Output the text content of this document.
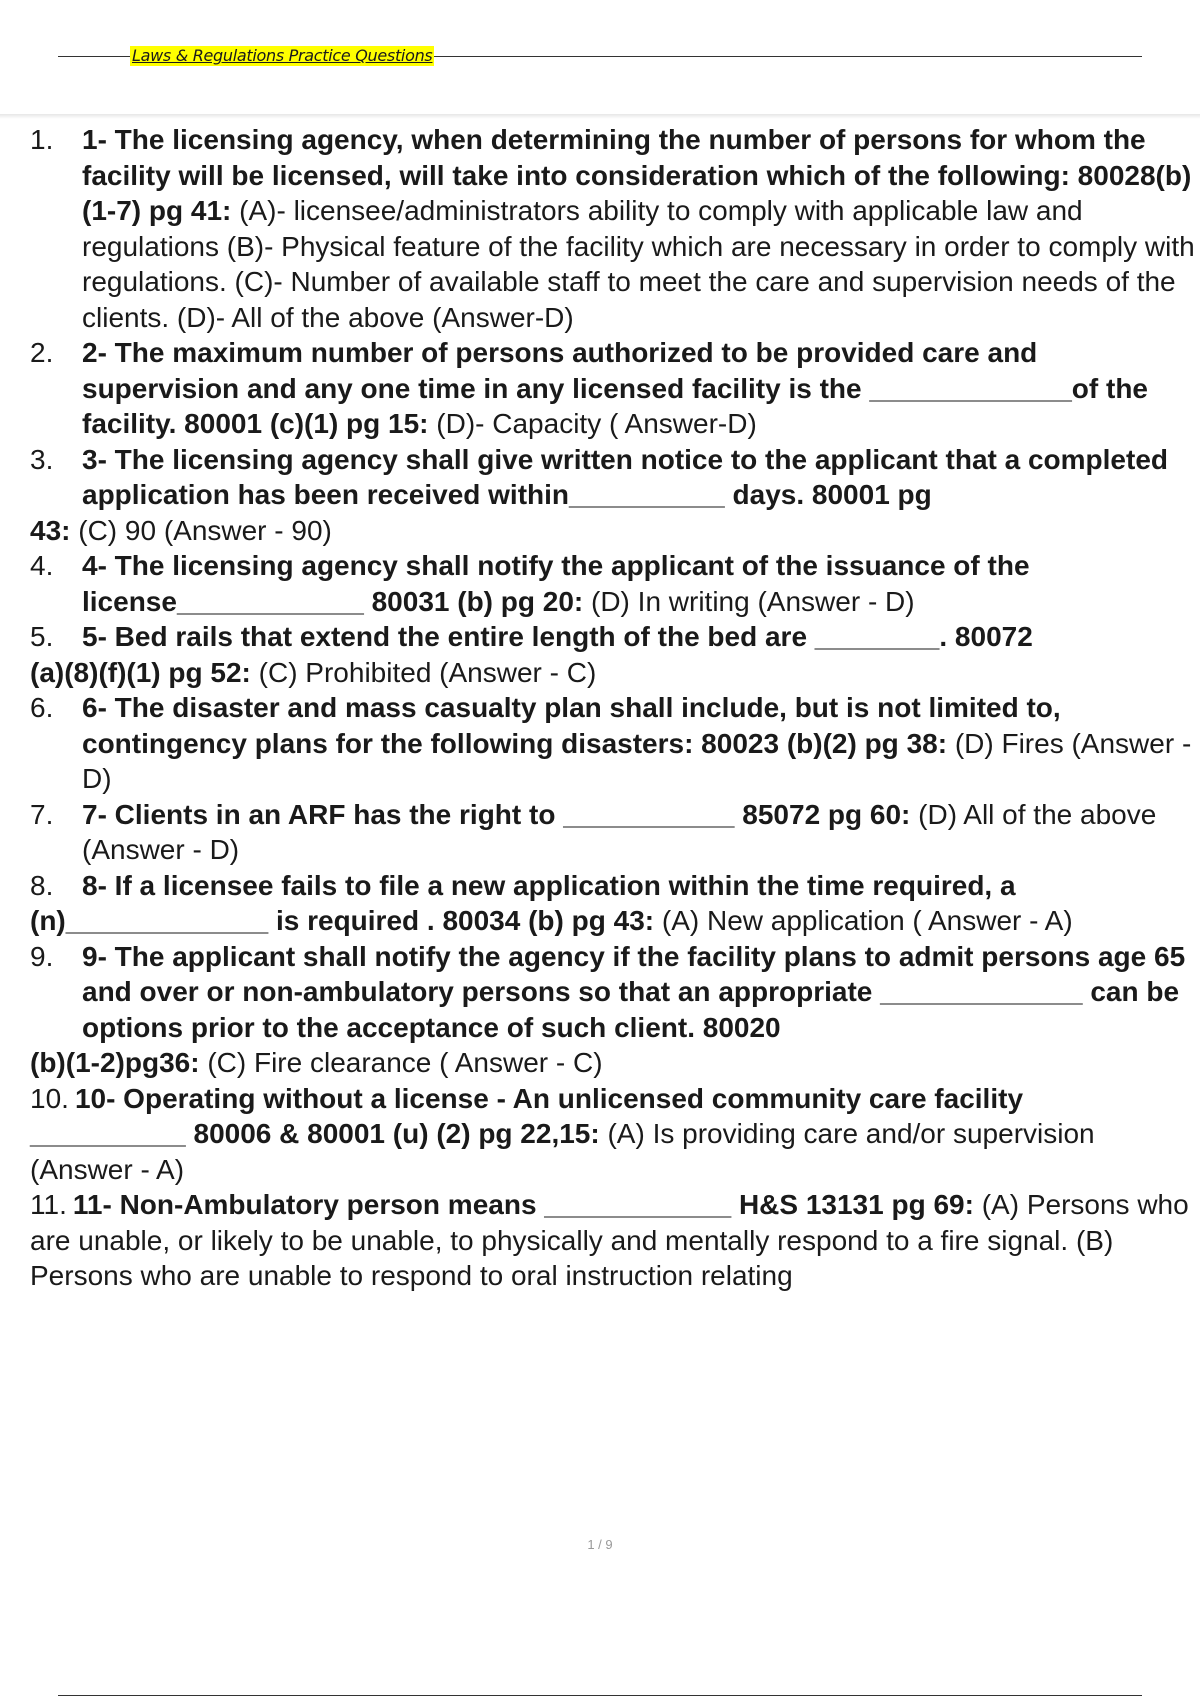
Laws & Regulations Practice Questions

1. 1- The licensing agency, when determining the number of persons for whom the facility will be licensed, will take into consideration which of the following: 80028(b)(1-7) pg 41: (A)- licensee/administrators ability to comply with applicable law and regulations (B)- Physical feature of the facility which are necessary in order to comply with regulations. (C)- Number of available staff to meet the care and supervision needs of the clients. (D)- All of the above (Answer-D)

2. 2- The maximum number of persons authorized to be provided care and supervision and any one time in any licensed facility is the _____________of the facility. 80001 (c)(1) pg 15: (D)- Capacity ( Answer-D)

3. 3- The licensing agency shall give written notice to the applicant that a completed application has been received within__________ days. 80001 pg
43: (C) 90 (Answer - 90)

4. 4- The licensing agency shall notify the applicant of the issuance of the license____________ 80031 (b) pg 20: (D) In writing (Answer - D)

5. 5- Bed rails that extend the entire length of the bed are ________. 80072
(a)(8)(f)(1) pg 52: (C) Prohibited (Answer - C)

6. 6- The disaster and mass casualty plan shall include, but is not limited to, contingency plans for the following disasters: 80023 (b)(2) pg 38: (D) Fires (Answer - D)

7. 7- Clients in an ARF has the right to ___________ 85072 pg 60: (D) All of the above (Answer - D)

8. 8- If a licensee fails to file a new application within the time required, a
(n)_____________ is required . 80034 (b) pg 43: (A) New application ( Answer - A)

9. 9- The applicant shall notify the agency if the facility plans to admit persons age 65 and over or non-ambulatory persons so that an appropriate _____________ can be options prior to the acceptance of such client. 80020
(b)(1-2)pg36: (C) Fire clearance ( Answer - C)

10. 10- Operating without a license - An unlicensed community care facility
__________ 80006 & 80001 (u) (2) pg 22,15: (A) Is providing care and/or supervision (Answer - A)

11. 11- Non-Ambulatory person means ____________ H&S 13131 pg 69: (A) Persons who are unable, or likely to be unable, to physically and mentally respond to a fire signal. (B) Persons who are unable to respond to oral instruction relating

1 / 9
